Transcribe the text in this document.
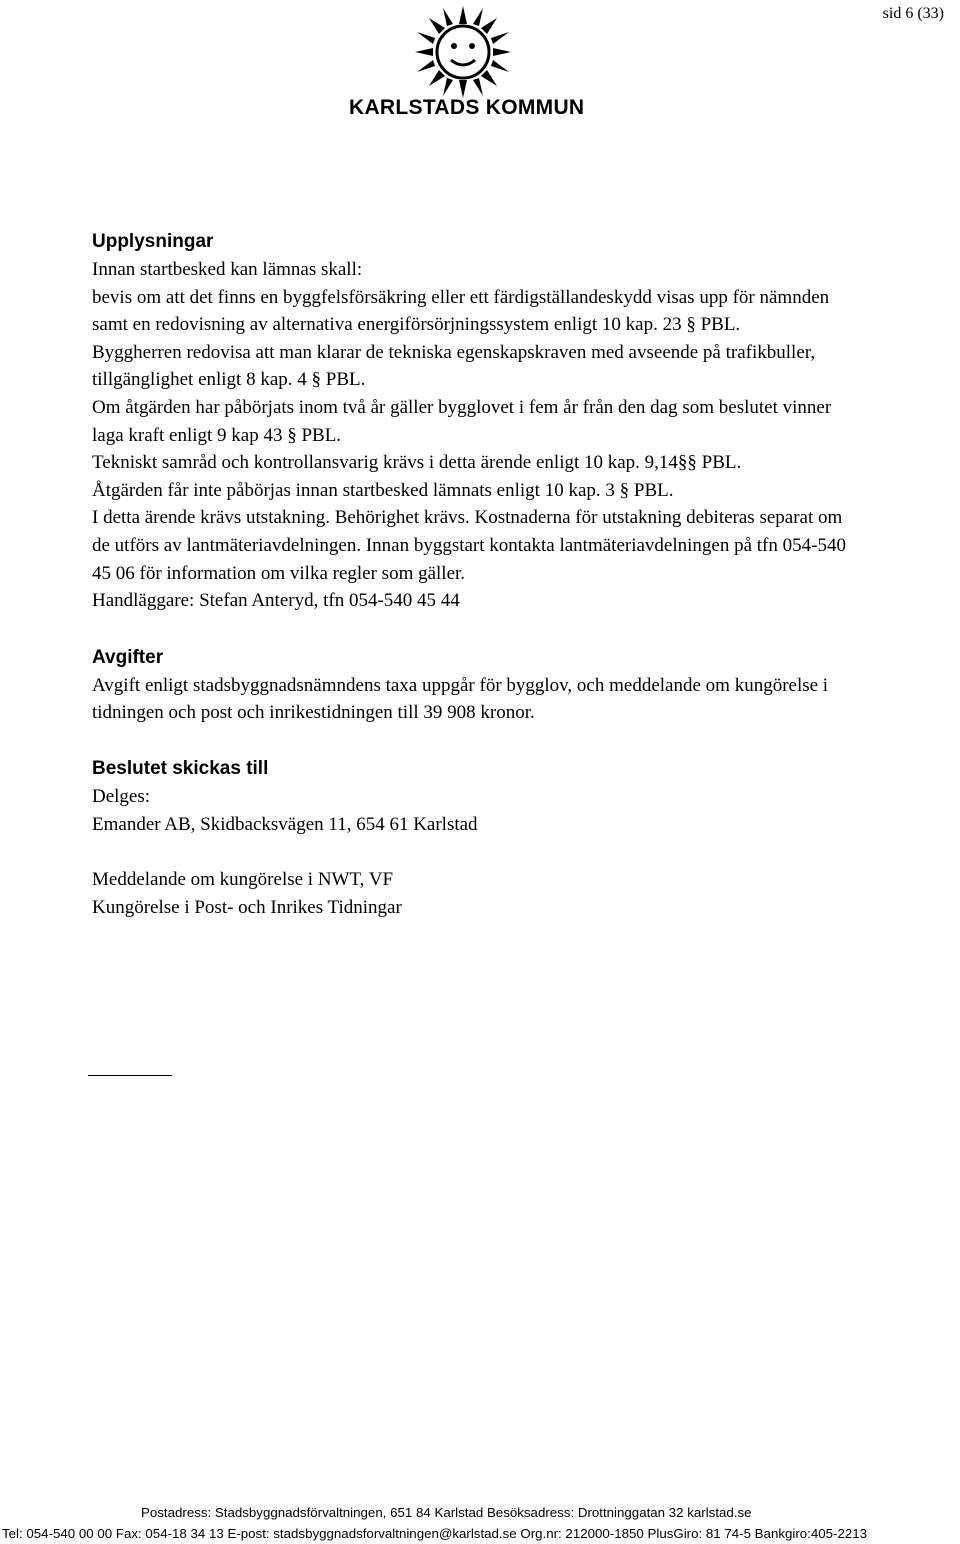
sid 6 (33)
KARLSTADS KOMMUN
Upplysningar

Innan startbesked kan lämnas skall:

bevis om att det finns en byggfelsförsäkring eller ett färdigställandeskydd visas upp för nämnden samt en redovisning av alternativa energiförsörjningssystem enligt 10 kap. 23 § PBL.

Byggherren redovisa att man klarar de tekniska egenskapskraven med avseende på trafikbuller, tillgänglighet enligt 8 kap. 4 § PBL.

Om åtgärden har påbörjats inom två år gäller bygglovet i fem år från den dag som beslutet vinner laga kraft enligt 9 kap 43 § PBL.

Tekniskt samråd och kontrollansvarig krävs i detta ärende enligt 10 kap. 9,14§§ PBL.

Åtgärden får inte påbörjas innan startbesked lämnats enligt 10 kap. 3 § PBL.

I detta ärende krävs utstakning. Behörighet krävs. Kostnaderna för utstakning debiteras separat om de utförs av lantmäteriavdelningen. Innan byggstart kontakta lantmäteriavdelningen på tfn 054-540 45 06 för information om vilka regler som gäller.

Handläggare: Stefan Anteryd, tfn 054-540 45 44

Avgifter

Avgift enligt stadsbyggnadsnämndens taxa uppgår för bygglov, och meddelande om kungörelse i tidningen och post och inrikestidningen till 39 908 kronor.

Beslutet skickas till

Delges:

Emander AB, Skidbacksvägen 11, 654 61 Karlstad

Meddelande om kungörelse i NWT, VF

Kungörelse i Post- och Inrikes Tidningar

Postadress: Stadsbyggnadsförvaltningen, 651 84 Karlstad Besöksadress: Drottninggatan 32 karlstad.se
Tel: 054-540 00 00 Fax: 054-18 34 13 E-post: stadsbyggnadsforvaltningen@karlstad.se Org.nr: 212000-1850 PlusGiro: 81 74-5 Bankgiro:405-2213
